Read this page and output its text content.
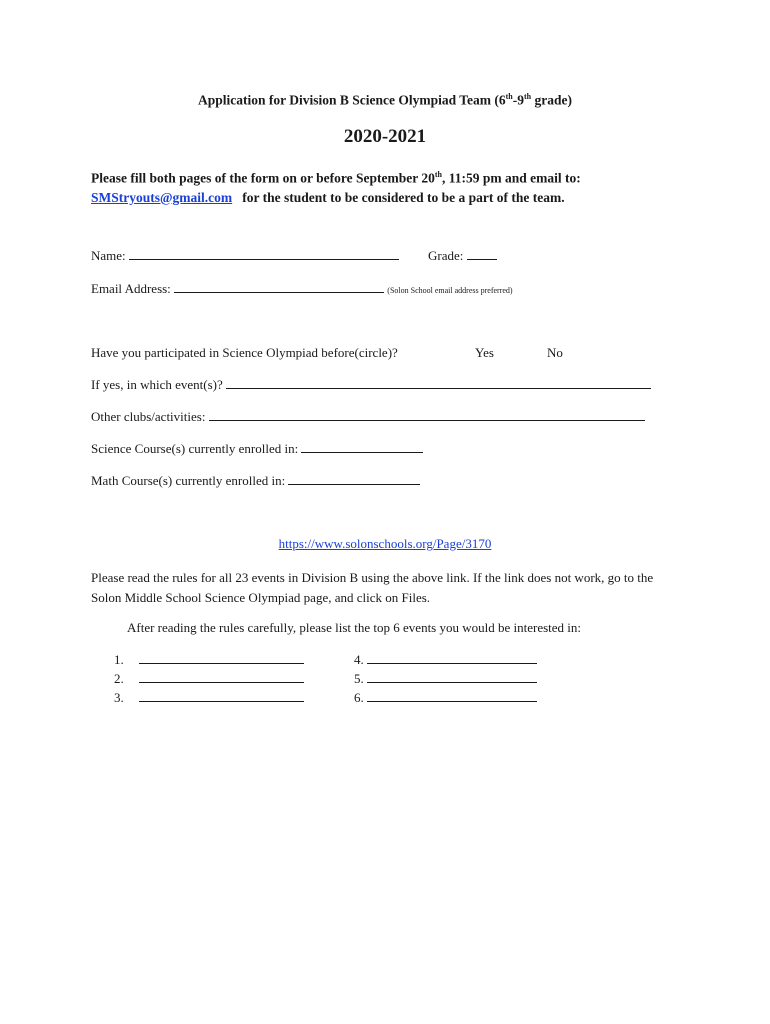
Application for Division B Science Olympiad Team (6th-9th grade)
2020-2021
Please fill both pages of the form on or before September 20th, 11:59 pm and email to:
SMStryouts@gmail.com for the student to be considered to be a part of the team.
Name:	Grade:
Email Address:	(Solon School email address preferred)
Have you participated in Science Olympiad before(circle)?	Yes	No
If yes, in which event(s)?
Other clubs/activities:
Science Course(s) currently enrolled in:
Math Course(s) currently enrolled in:
https://www.solonschools.org/Page/3170
Please read the rules for all 23 events in Division B using the above link. If the link does not work, go to the Solon Middle School Science Olympiad page, and click on Files.
After reading the rules carefully, please list the top 6 events you would be interested in:
1.
2.
3.
4.
5.
6.
